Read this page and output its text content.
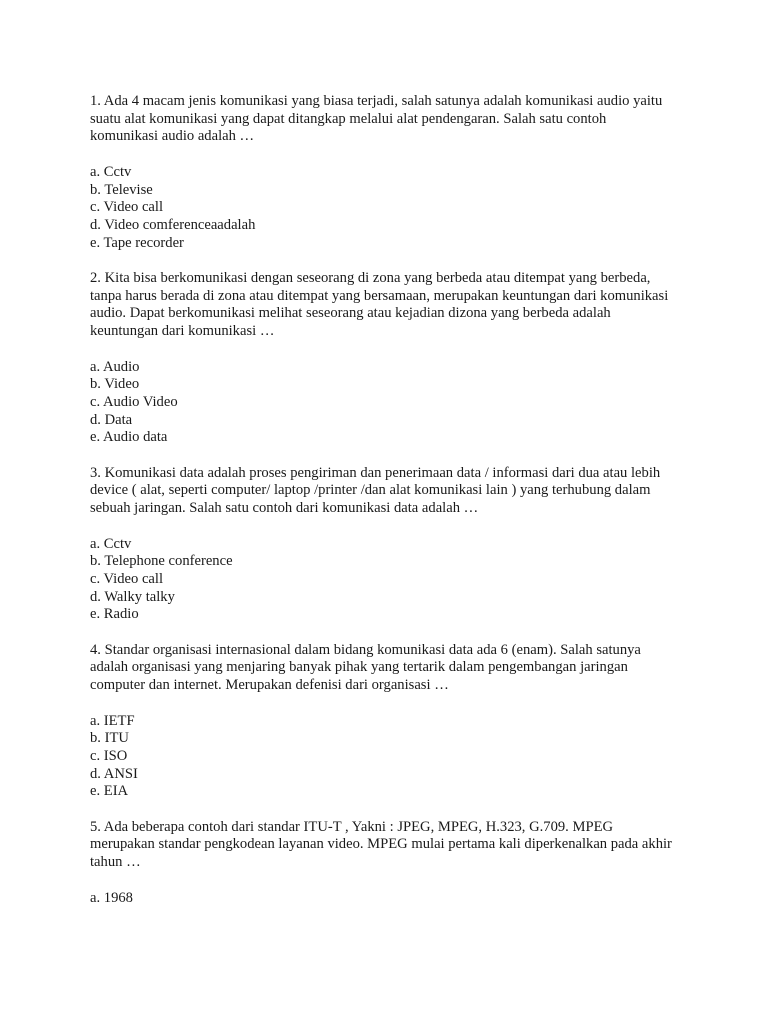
1. Ada 4 macam jenis komunikasi yang biasa terjadi, salah satunya adalah komunikasi audio yaitu suatu alat komunikasi yang dapat ditangkap melalui alat pendengaran. Salah satu contoh komunikasi audio adalah …

a. Cctv
b. Televise
c. Video call
d. Video comferenceaadalah
e. Tape recorder

2. Kita bisa berkomunikasi dengan seseorang di zona yang berbeda atau ditempat yang berbeda, tanpa harus berada di zona atau ditempat yang bersamaan, merupakan keuntungan dari komunikasi audio. Dapat berkomunikasi melihat seseorang atau kejadian dizona yang berbeda adalah keuntungan dari komunikasi …

a. Audio
b. Video
c. Audio Video
d. Data
e. Audio data

3. Komunikasi data adalah proses pengiriman dan penerimaan data / informasi dari dua atau lebih device ( alat, seperti computer/ laptop /printer /dan alat komunikasi lain ) yang terhubung dalam sebuah jaringan. Salah satu contoh dari komunikasi data adalah …

a. Cctv
b. Telephone conference
c. Video call
d. Walky talky
e. Radio

4. Standar organisasi internasional dalam bidang komunikasi data ada 6 (enam). Salah satunya adalah organisasi yang menjaring banyak pihak yang tertarik dalam pengembangan jaringan computer dan internet. Merupakan defenisi dari organisasi …

a. IETF
b. ITU
c. ISO
d. ANSI
e. EIA

5. Ada beberapa contoh dari standar ITU-T , Yakni : JPEG, MPEG, H.323, G.709. MPEG merupakan standar pengkodean layanan video. MPEG mulai pertama kali diperkenalkan pada akhir tahun …

a. 1968
